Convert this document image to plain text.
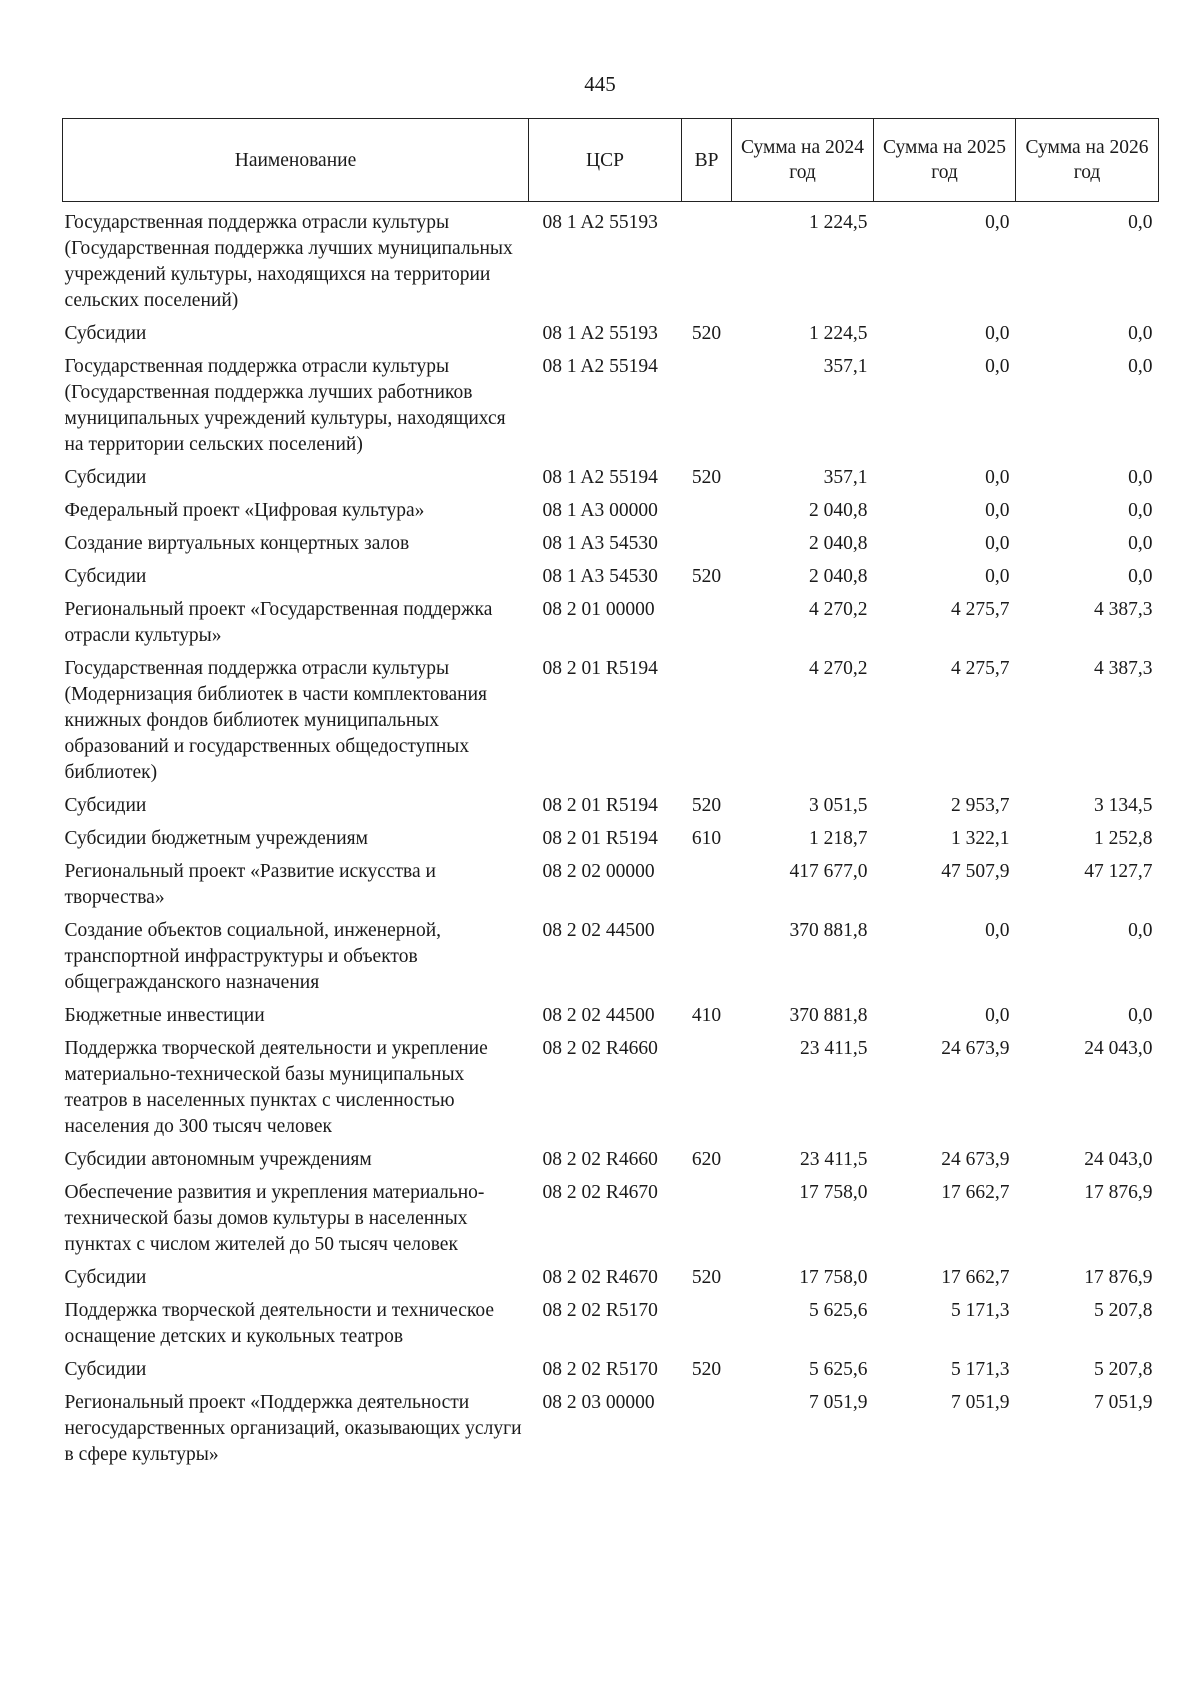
445
Наименование	ЦСР	ВР	Сумма на 2024 год	Сумма на 2025 год	Сумма на 2026 год
Государственная поддержка отрасли культуры (Государственная поддержка лучших муниципальных учреждений культуры, находящихся на территории сельских поселений)	08 1 A2 55193		1 224,5	0,0	0,0
Субсидии	08 1 A2 55193	520	1 224,5	0,0	0,0
Государственная поддержка отрасли культуры (Государственная поддержка лучших работников муниципальных учреждений культуры, находящихся на территории сельских поселений)	08 1 A2 55194		357,1	0,0	0,0
Субсидии	08 1 A2 55194	520	357,1	0,0	0,0
Федеральный проект «Цифровая культура»	08 1 A3 00000		2 040,8	0,0	0,0
Создание виртуальных концертных залов	08 1 A3 54530		2 040,8	0,0	0,0
Субсидии	08 1 A3 54530	520	2 040,8	0,0	0,0
Региональный проект «Государственная поддержка отрасли культуры»	08 2 01 00000		4 270,2	4 275,7	4 387,3
Государственная поддержка отрасли культуры (Модернизация библиотек в части комплектования книжных фондов библиотек муниципальных образований и государственных общедоступных библиотек)	08 2 01 R5194		4 270,2	4 275,7	4 387,3
Субсидии	08 2 01 R5194	520	3 051,5	2 953,7	3 134,5
Субсидии бюджетным учреждениям	08 2 01 R5194	610	1 218,7	1 322,1	1 252,8
Региональный проект «Развитие искусства и творчества»	08 2 02 00000		417 677,0	47 507,9	47 127,7
Создание объектов социальной, инженерной, транспортной инфраструктуры и объектов общегражданского назначения	08 2 02 44500		370 881,8	0,0	0,0
Бюджетные инвестиции	08 2 02 44500	410	370 881,8	0,0	0,0
Поддержка творческой деятельности и укрепление материально-технической базы муниципальных театров в населенных пунктах с численностью населения до 300 тысяч человек	08 2 02 R4660		23 411,5	24 673,9	24 043,0
Субсидии автономным учреждениям	08 2 02 R4660	620	23 411,5	24 673,9	24 043,0
Обеспечение развития и укрепления материально-технической базы домов культуры в населенных пунктах с числом жителей до 50 тысяч человек	08 2 02 R4670		17 758,0	17 662,7	17 876,9
Субсидии	08 2 02 R4670	520	17 758,0	17 662,7	17 876,9
Поддержка творческой деятельности и техническое оснащение детских и кукольных театров	08 2 02 R5170		5 625,6	5 171,3	5 207,8
Субсидии	08 2 02 R5170	520	5 625,6	5 171,3	5 207,8
Региональный проект «Поддержка деятельности негосударственных организаций, оказывающих услуги в сфере культуры»	08 2 03 00000		7 051,9	7 051,9	7 051,9
